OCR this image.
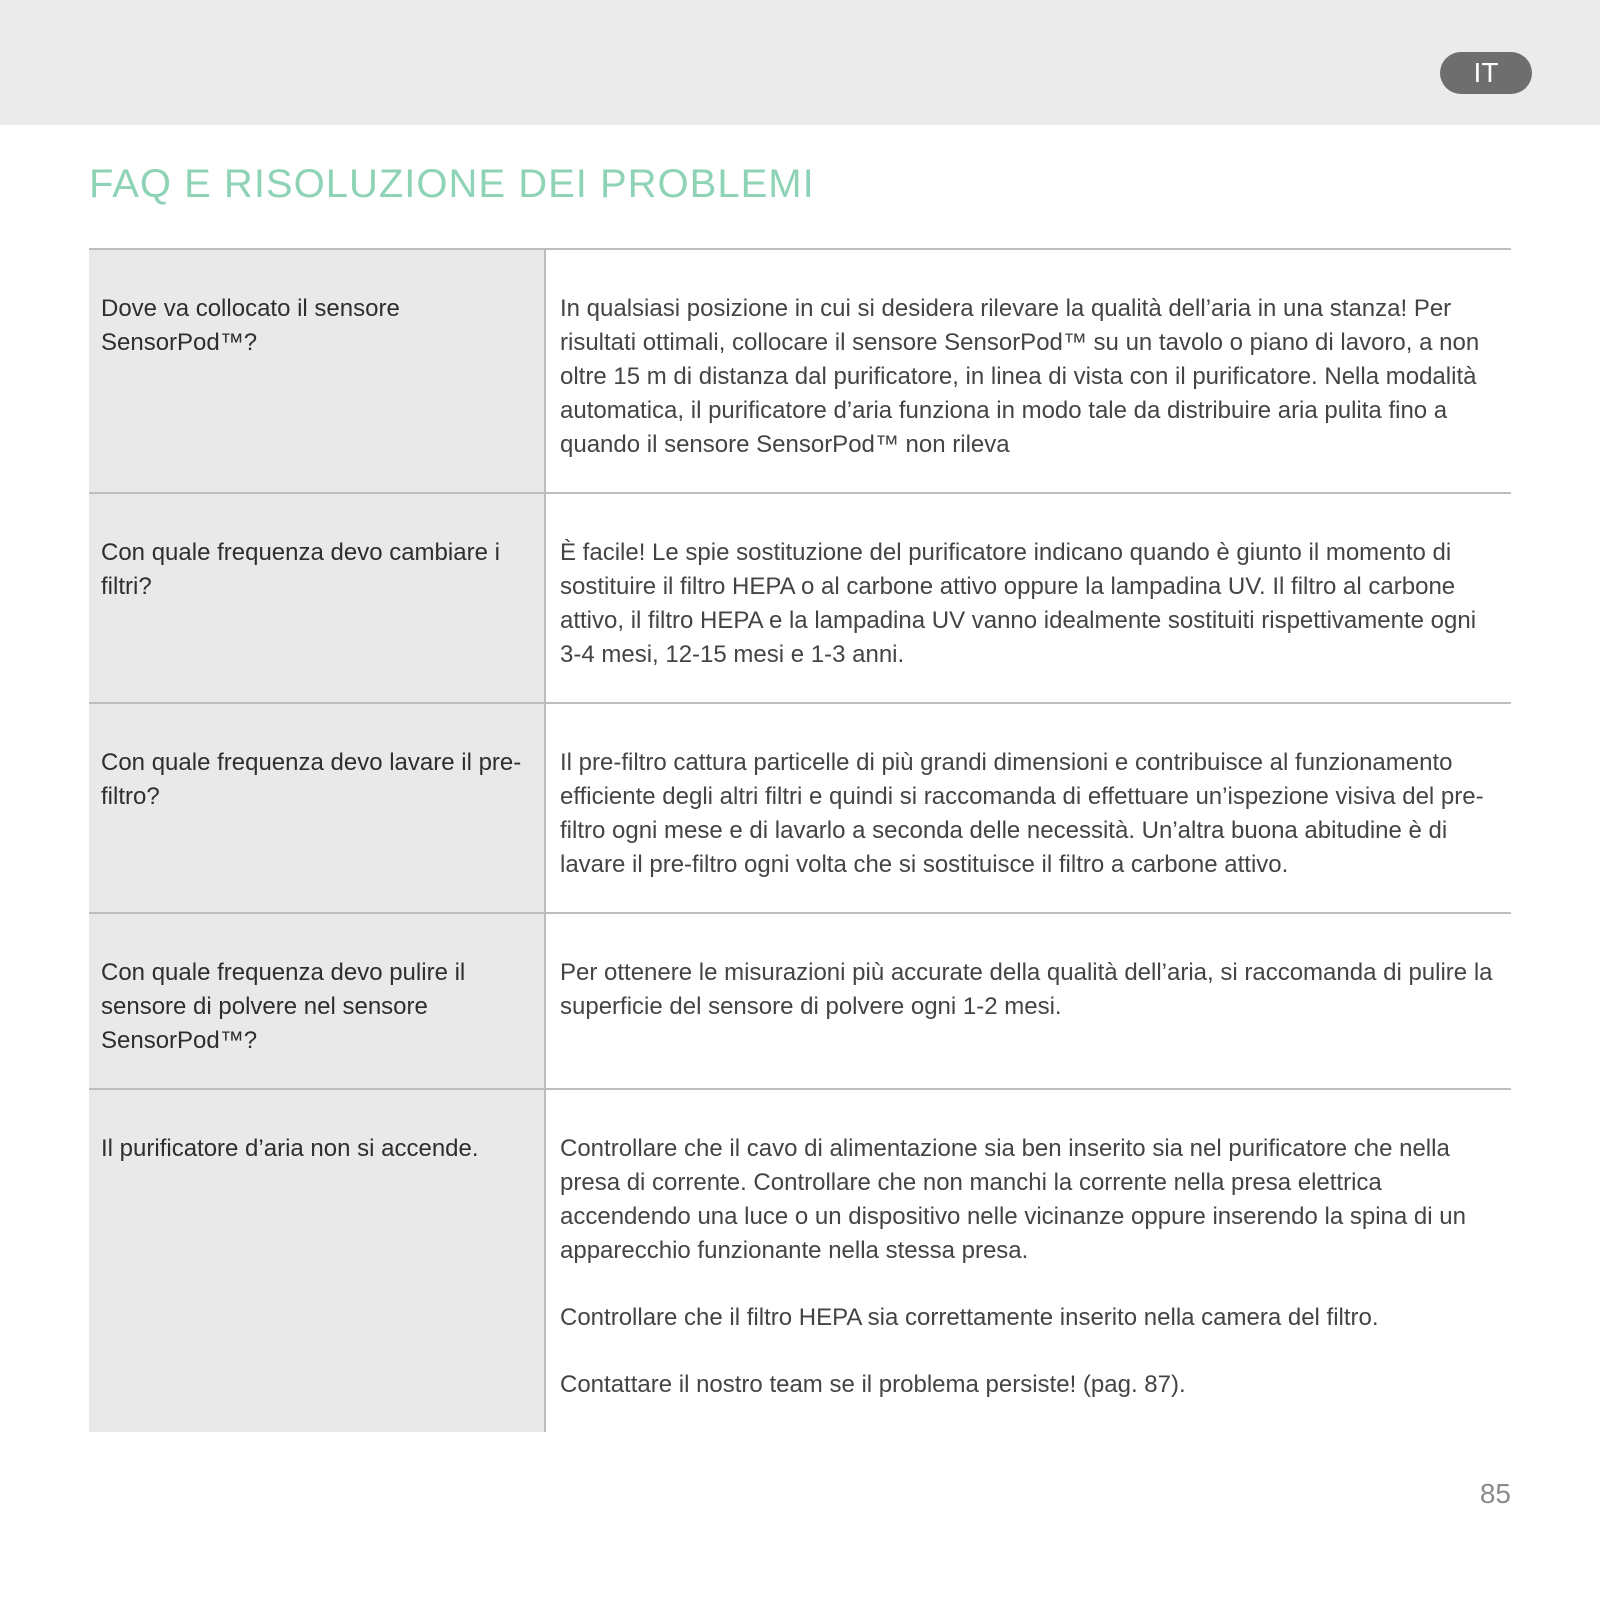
IT
FAQ E RISOLUZIONE DEI PROBLEMI
Dove va collocato il sensore SensorPod™?

In qualsiasi posizione in cui si desidera rilevare la qualità dell’aria in una stanza! Per risultati ottimali, collocare il sensore SensorPod™ su un tavolo o piano di lavoro, a non oltre 15 m di distanza dal purificatore, in linea di vista con il purificatore. Nella modalità automatica, il purificatore d’aria funziona in modo tale da distribuire aria pulita fino a quando il sensore SensorPod™ non rileva

Con quale frequenza devo cambiare i filtri?

È facile! Le spie sostituzione del purificatore indicano quando è giunto il momento di sostituire il filtro HEPA o al carbone attivo oppure la lampadina UV. Il filtro al carbone attivo, il filtro HEPA e la lampadina UV vanno idealmente sostituiti rispettivamente ogni 3-4 mesi, 12-15 mesi e 1-3 anni.

Con quale frequenza devo lavare il pre-filtro?

Il pre-filtro cattura particelle di più grandi dimensioni e contribuisce al funzionamento efficiente degli altri filtri e quindi si raccomanda di effettuare un’ispezione visiva del pre-filtro ogni mese e di lavarlo a seconda delle necessità. Un’altra buona abitudine è di lavare il pre-filtro ogni volta che si sostituisce il filtro a carbone attivo.

Con quale frequenza devo pulire il sensore di polvere nel sensore SensorPod™?

Per ottenere le misurazioni più accurate della qualità dell’aria, si raccomanda di pulire la superficie del sensore di polvere ogni 1-2 mesi.

Il purificatore d’aria non si accende.	Controllare che il cavo di alimentazione sia ben inserito sia nel purificatore che nella presa di corrente. Controllare che non manchi la corrente nella presa elettrica accendendo una luce o un dispositivo nelle vicinanze oppure inserendo la spina di un apparecchio funzionante nella stessa presa.

Controllare che il filtro HEPA sia correttamente inserito nella camera del filtro.

Contattare il nostro team se il problema persiste! (pag. 87).

85
